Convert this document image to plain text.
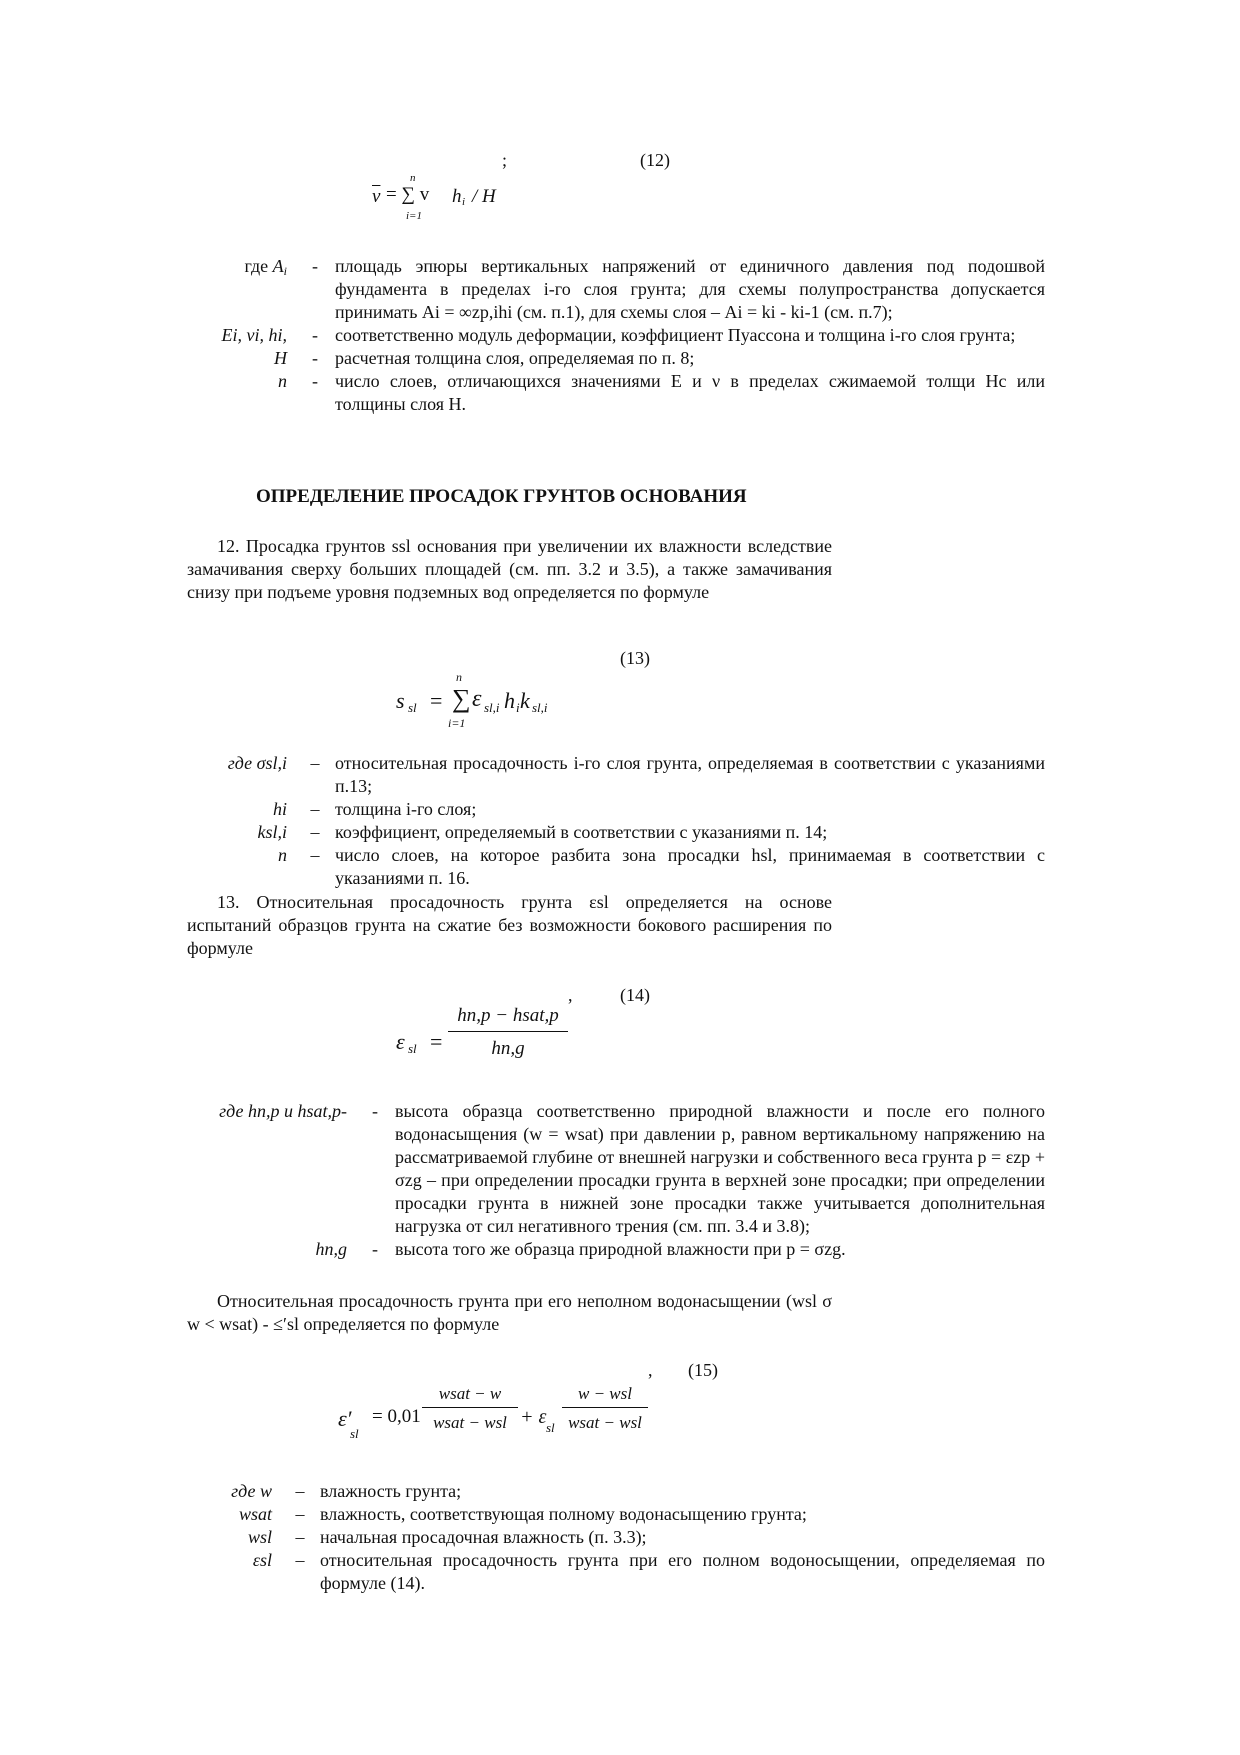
;	(12)
n
$\overline{v}$ = ∑ v h i / H
i=1
где $A_i$	-	площадь эпюры вертикальных напряжений от единичного давления под подошвой фундамента в пределах i-го слоя грунта; для схемы полупространства допускается принимать Ai = ∞zp,ihi (см. п.1), для схемы слоя – Ai = ki - ki-1 (см. п.7);
Ei, νi, hi,	-	соответственно модуль деформации, коэффициент Пуассона и толщина i-го слоя грунта;
H	-	расчетная толщина слоя, определяемая по п. 8;
n	-	число слоев, отличающихся значениями E и ν в пределах сжимаемой толщи Hc или толщины слоя H.
ОПРЕДЕЛЕНИЕ ПРОСАДОК ГРУНТОВ ОСНОВАНИЯ
12. Просадка грунтов ssl основания при увеличении их влажности вследствие замачивания сверху больших площадей (см. пп. 3.2 и 3.5), а также замачивания снизу при подъеме уровня подземных вод определяется по формуле
(13)
s sl = ∑
n
i=1
ε sl,i h i k sl,i
где σsl,i	–	относительная просадочность i-го слоя грунта, определяемая в соответствии с указаниями п.13;
hi	–	толщина i-го слоя;
ksl,i	–	коэффициент, определяемый в соответствии с указаниями п. 14;
n	–	число слоев, на которое разбита зона просадки hsl, принимаемая в соответствии с указаниями п. 16.
13. Относительная просадочность грунта εsl определяется на основе испытаний образцов грунта на сжатие без возможности бокового расширения по формуле
,	(14)
ε sl =
hn,p − hsat,p
hn,g
где hn,p и hsat,p-	-	высота образца соответственно природной влажности и после его полного водонасыщения (w = wsat) при давлении p, равном вертикальному напряжению на рассматриваемой глубине от внешней нагрузки и собственного веса грунта p = εzp + σzg – при определении просадки грунта в верхней зоне просадки; при определении просадки грунта в нижней зоне просадки также учитывается дополнительная нагрузка от сил негативного трения (см. пп. 3.4 и 3.8);
hn,g	-	высота того же образца природной влажности при p = σzg.
Относительная просадочность грунта при его неполном водонасыщении (wsl σ w < wsat) - ≤′sl определяется по формуле
, (15)
ε′
sl
= 0,01
wsat − w
wsat − wsl + ε sl
w − wsl
wsat − wsl
где w	–	влажность грунта;
wsat	–	влажность, соответствующая полному водонасыщению грунта;
wsl	–	начальная просадочная влажность (п. 3.3);
εsl	–	относительная просадочность грунта при его полном водоносыщении, определяемая по формуле (14).
